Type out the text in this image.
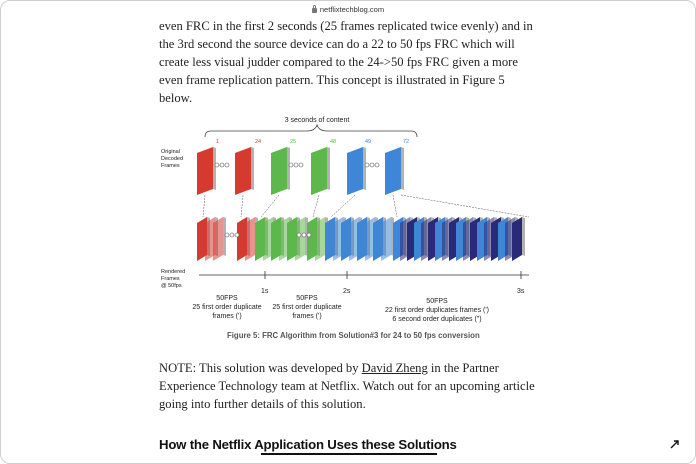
netflixtechblog.com

even FRC in the first 2 seconds (25 frames replicated twice evenly) and in the 3rd second the source device can do a 22 to 50 fps FRC which will create less visual judder compared to the 24->50 fps FRC given a more even frame replication pattern. This concept is illustrated in Figure 5 below.

NOTE: This solution was developed by David Zheng in the Partner Experience Technology team at Netflix. Watch out for an upcoming article going into further details of this solution.

3 seconds of content
1	24	25	48	49	72
Original
Decoded
Frames
Rendered
Frames
@ 50fps
1s	2s	3s
50FPS
25 first order duplicate
frames (')
50FPS
25 first order duplicate
frames (')
50FPS
22 first order duplicates frames (')
6 second order duplicates (")
Figure 5: FRC Algorithm from Solution#3 for 24 to 50 fps conversion
How the Netflix Application Uses these Solutions
